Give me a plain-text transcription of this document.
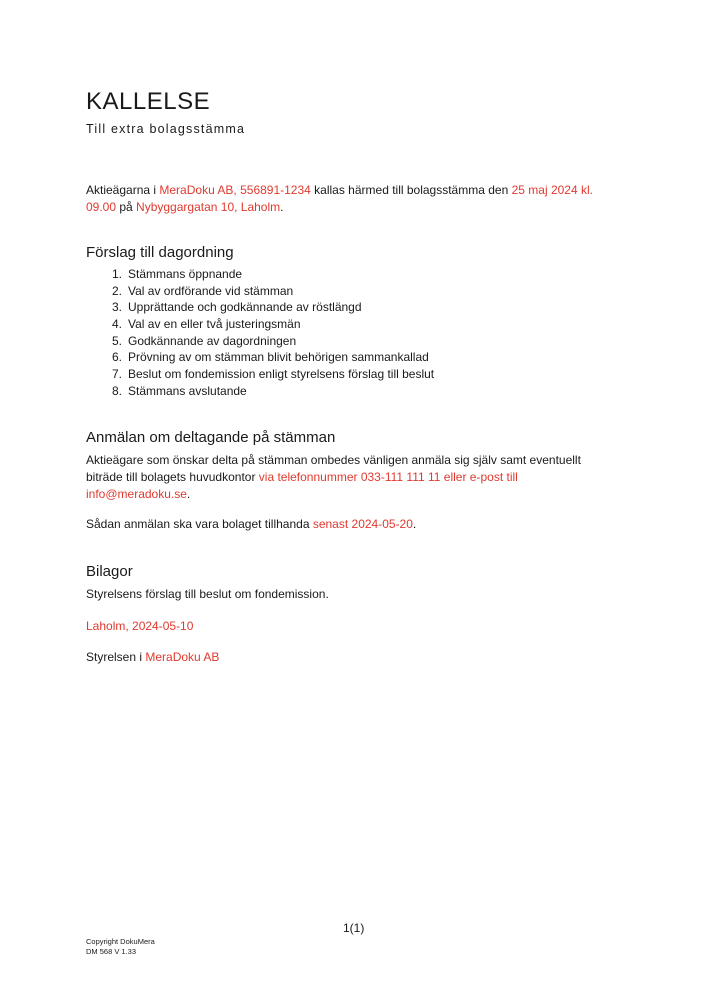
KALLELSE
Till extra bolagsstämma

Aktieägarna i MeraDoku AB, 556891-1234 kallas härmed till bolagsstämma den 25 maj 2024 kl. 09.00 på Nybyggargatan 10, Laholm.

Förslag till dagordning
1. Stämmans öppnande
2. Val av ordförande vid stämman
3. Upprättande och godkännande av röstlängd
4. Val av en eller två justeringsmän
5. Godkännande av dagordningen
6. Prövning av om stämman blivit behörigen sammankallad
7. Beslut om fondemission enligt styrelsens förslag till beslut
8. Stämmans avslutande
Anmälan om deltagande på stämman

Aktieägare som önskar delta på stämman ombedes vänligen anmäla sig själv samt eventuellt biträde till bolagets huvudkontor via telefonnummer 033-111 111 11 eller e-post till info@meradoku.se.

Sådan anmälan ska vara bolaget tillhanda senast 2024-05-20.

Bilagor

Styrelsens förslag till beslut om fondemission.

Laholm, 2024-05-10

Styrelsen i MeraDoku AB

1(1)
Copyright DokuMera
DM 568 V 1.33
